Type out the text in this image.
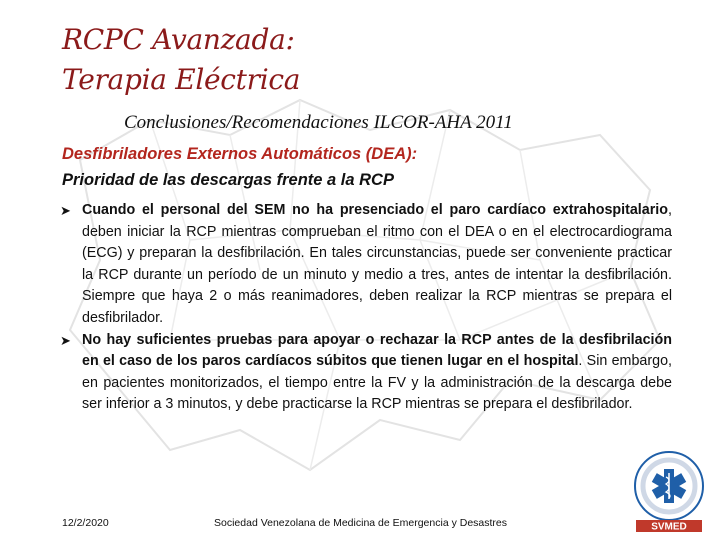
RCPC Avanzada:
Terapia Eléctrica
Conclusiones/Recomendaciones ILCOR-AHA 2011
Desfibriladores Externos Automáticos (DEA):
Prioridad de las descargas frente a la RCP
➤ Cuando el personal del SEM no ha presenciado el paro cardíaco extrahospitalario, deben iniciar la RCP mientras comprueban el ritmo con el DEA o en el electrocardiograma (ECG) y preparan la desfibrilación. En tales circunstancias, puede ser conveniente practicar la RCP durante un período de un minuto y medio a tres, antes de intentar la desfibrilación. Siempre que haya 2 o más reanimadores, deben realizar la RCP mientras se prepara el desfibrilador.
➤ No hay suficientes pruebas para apoyar o rechazar la RCP antes de la desfibrilación en el caso de los paros cardíacos súbitos que tienen lugar en el hospital. Sin embargo, en pacientes monitorizados, el tiempo entre la FV y la administración de la descarga debe ser inferior a 3 minutos, y debe practicarse la RCP mientras se prepara el desfibrilador.
12/2/2020	Sociedad Venezolana de Medicina de Emergencia y Desastres	SVMED
